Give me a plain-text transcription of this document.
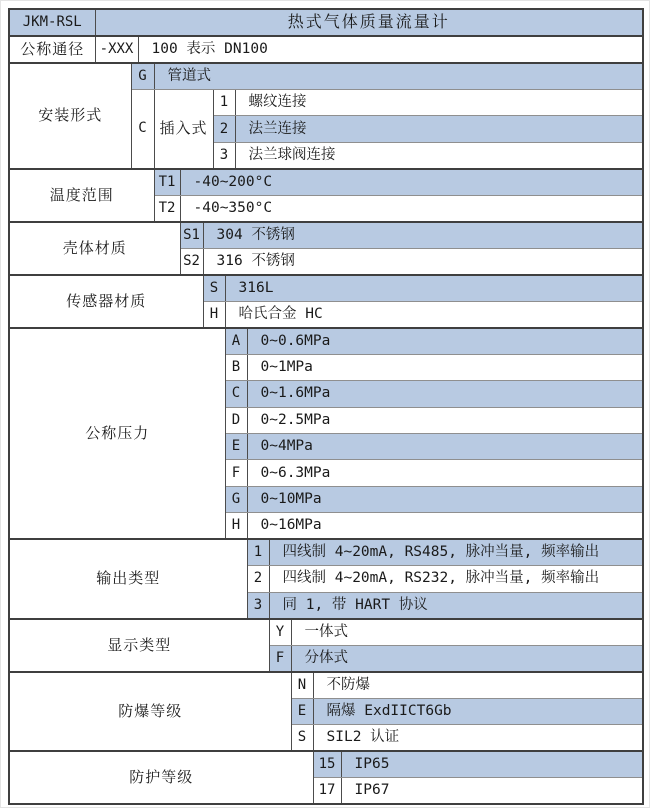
JKM-RSL	热式气体质量流量计													
公称通径	-XXX		100 表示 DN100											
安装形式		G		管道式										
		C		插入式			1		螺纹连接					
							2		法兰连接					
							3		法兰球阀连接					
温度范围				T1	-40~200°C									
				T2	-40~350°C									
壳体材质					S1	304 不锈钢								
					S2	316 不锈钢								
传感器材质						S		316L						
						H		哈氏合金 HC						
公称压力								A		0~0.6MPa				
								B		0~1MPa				
								C		0~1.6MPa				
								D		0~2.5MPa				
								E		0~4MPa				
								F		0~6.3MPa				
								G		0~10MPa				
								H		0~16MPa				
输出类型										1	四线制 4~20mA, RS485, 脉冲当量, 频率输出			
										2	四线制 4~20mA, RS232, 脉冲当量, 频率输出			
										3	同 1, 带 HART 协议			
显示类型											Y	一体式		
											F	分体式		
防爆等级												N	不防爆	
												E	隔爆 ExdIICT6Gb	
												S	SIL2 认证	
防护等级													15	IP65
													17	IP67
